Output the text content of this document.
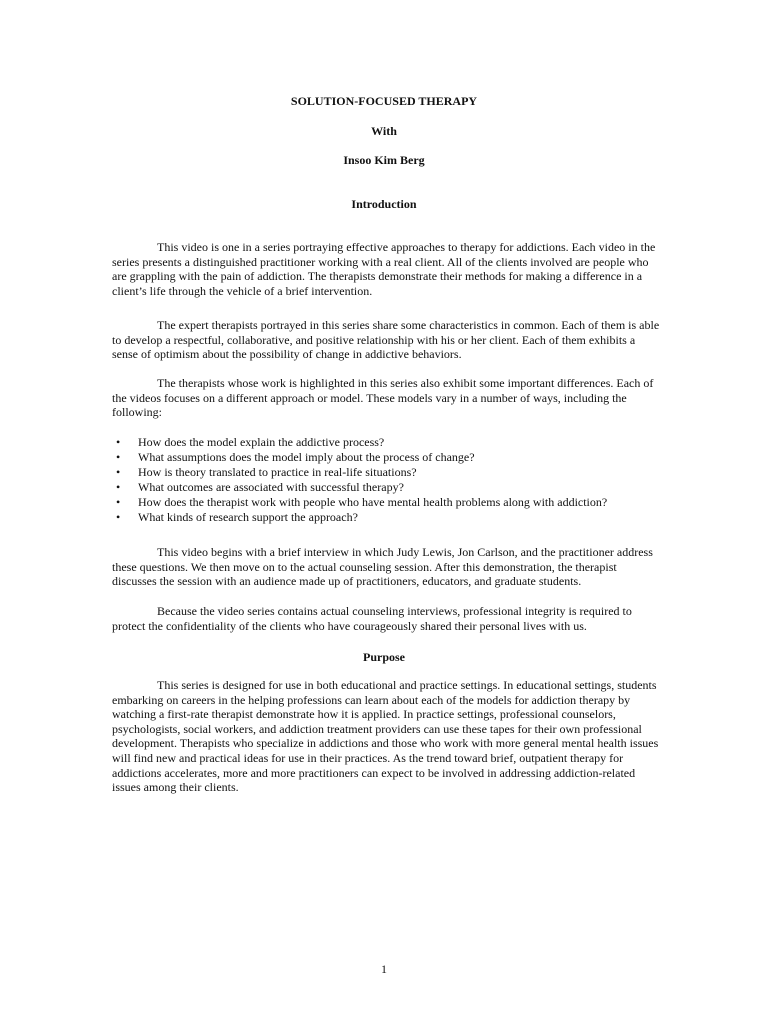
SOLUTION-FOCUSED THERAPY

With

Insoo Kim Berg

Introduction

This video is one in a series portraying effective approaches to therapy for addictions. Each video in the series presents a distinguished practitioner working with a real client. All of the clients involved are people who are grappling with the pain of addiction. The therapists demonstrate their methods for making a difference in a client’s life through the vehicle of a brief intervention.

The expert therapists portrayed in this series share some characteristics in common. Each of them is able to develop a respectful, collaborative, and positive relationship with his or her client. Each of them exhibits a sense of optimism about the possibility of change in addictive behaviors.

The therapists whose work is highlighted in this series also exhibit some important differences. Each of the videos focuses on a different approach or model. These models vary in a number of ways, including the following:

• How does the model explain the addictive process?
• What assumptions does the model imply about the process of change?
• How is theory translated to practice in real-life situations?
• What outcomes are associated with successful therapy?
• How does the therapist work with people who have mental health problems along with addiction?
• What kinds of research support the approach?

This video begins with a brief interview in which Judy Lewis, Jon Carlson, and the practitioner address these questions. We then move on to the actual counseling session. After this demonstration, the therapist discusses the session with an audience made up of practitioners, educators, and graduate students.

Because the video series contains actual counseling interviews, professional integrity is required to protect the confidentiality of the clients who have courageously shared their personal lives with us.

Purpose

This series is designed for use in both educational and practice settings. In educational settings, students embarking on careers in the helping professions can learn about each of the models for addiction therapy by watching a first-rate therapist demonstrate how it is applied. In practice settings, professional counselors, psychologists, social workers, and addiction treatment providers can use these tapes for their own professional development. Therapists who specialize in addictions and those who work with more general mental health issues will find new and practical ideas for use in their practices. As the trend toward brief, outpatient therapy for addictions accelerates, more and more practitioners can expect to be involved in addressing addiction-related issues among their clients.

1
